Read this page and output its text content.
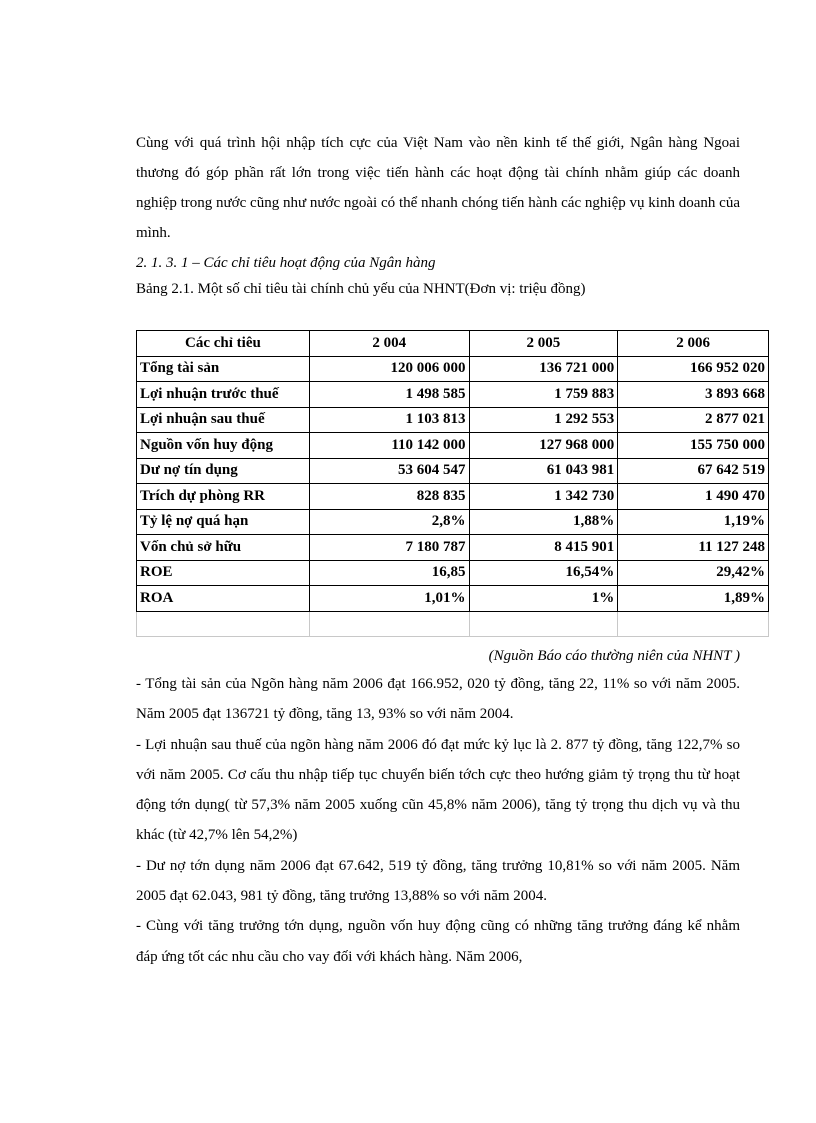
Cùng với quá trình hội nhập tích cực của Việt Nam vào nền kinh tế thế giới, Ngân hàng Ngoai thương đó góp phần rất lớn trong việc tiến hành các hoạt động tài chính nhằm giúp các doanh nghiệp trong nước cũng như nước ngoài có thể nhanh chóng tiến hành các nghiệp vụ kinh doanh của mình.

2. 1. 3. 1 – Các chỉ tiêu hoạt động của Ngân hàng
Bảng 2.1. Một số chỉ tiêu tài chính chủ yếu của NHNT(Đơn vị: triệu đồng)
Các chỉ tiêu	2 004	2 005	2 006
Tổng tài sản	120 006 000	136 721 000	166 952 020
Lợi nhuận trước thuế	1 498 585	1 759 883	3 893 668
Lợi nhuận sau thuế	1 103 813	1 292 553	2 877 021
Nguồn vốn huy động	110 142 000	127 968 000	155 750 000
Dư nợ tín dụng	53 604 547	61 043 981	67 642 519
Trích dự phòng RR	828 835	1 342 730	1 490 470
Tỷ lệ nợ quá hạn	2,8%	1,88%	1,19%
Vốn chủ sở hữu	7 180 787	8 415 901	11 127 248
ROE	16,85	16,54%	29,42%
ROA	1,01%	1%	1,89%

(Nguồn Báo cáo thường niên của NHNT )

- Tổng tài sản của Ngõn hàng năm 2006 đạt 166.952, 020 tỷ đồng, tăng 22, 11% so với năm 2005. Năm 2005 đạt 136721 tỷ đồng, tăng 13, 93% so với năm 2004.

- Lợi nhuận sau thuế của ngõn hàng năm 2006 đó đạt mức kỷ lục là 2. 877 tỷ đồng, tăng 122,7% so với năm 2005. Cơ cấu thu nhập tiếp tục chuyển biến tớch cực theo hướng giảm tỷ trọng thu từ hoạt động tớn dụng( từ 57,3% năm 2005 xuống cũn 45,8% năm 2006), tăng tỷ trọng thu dịch vụ và thu khác (từ 42,7% lên 54,2%)

- Dư nợ tớn dụng năm 2006 đạt 67.642, 519 tỷ đồng, tăng trưởng 10,81% so với năm 2005. Năm 2005 đạt 62.043, 981 tỷ đồng, tăng trưởng 13,88% so với năm 2004.

- Cùng với tăng trưởng tớn dụng, nguồn vốn huy động cũng có những tăng trưởng đáng kể nhằm đáp ứng tốt các nhu cầu cho vay đối với khách hàng. Năm 2006,
